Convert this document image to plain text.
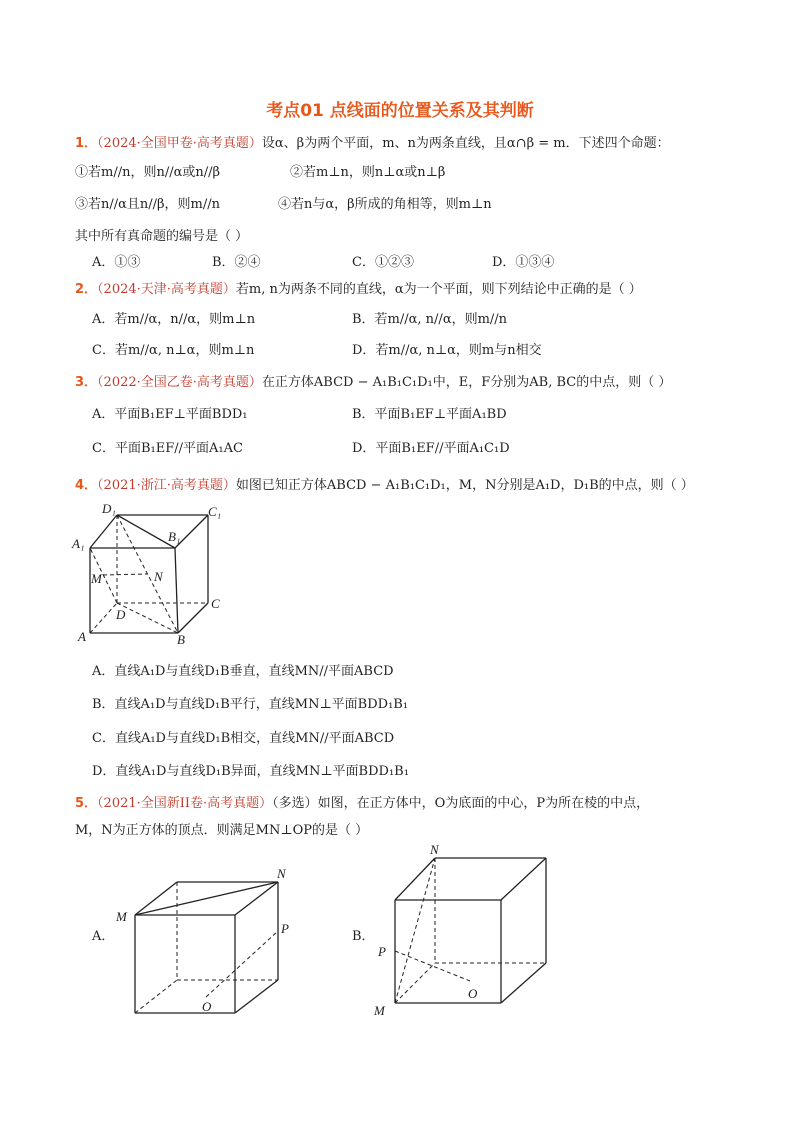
考点01 点线面的位置关系及其判断
1．（2024·全国甲卷·高考真题）设α、β为两个平面，m、n为两条直线，且α∩β = m．下述四个命题：
①若m//n，则n//α或n//β	②若m⊥n，则n⊥α或n⊥β
③若n//α且n//β，则m//n	④若n与α，β所成的角相等，则m⊥n
其中所有真命题的编号是（ ）
A．①③	B．②④	C．①②③	D．①③④
2．（2024·天津·高考真题）若m, n为两条不同的直线，α为一个平面，则下列结论中正确的是（ ）
A．若m//α，n//α，则m⊥n	B．若m//α, n//α，则m//n
C．若m//α, n⊥α，则m⊥n	D．若m//α, n⊥α，则m与n相交
3．（2022·全国乙卷·高考真题）在正方体ABCD − A₁B₁C₁D₁中，E，F分别为AB, BC的中点，则（ ）
A．平面B₁EF⊥平面BDD₁	B．平面B₁EF⊥平面A₁BD
C．平面B₁EF//平面A₁AC	D．平面B₁EF//平面A₁C₁D
4．（2021·浙江·高考真题）如图已知正方体ABCD − A₁B₁C₁D₁，M，N分别是A₁D，D₁B的中点，则（ ）
D₁	C₁
A₁	B₁
M	N
D
C
A	B
A．直线A₁D与直线D₁B垂直，直线MN//平面ABCD
B．直线A₁D与直线D₁B平行，直线MN⊥平面BDD₁B₁
C．直线A₁D与直线D₁B相交，直线MN//平面ABCD
D．直线A₁D与直线D₁B异面，直线MN⊥平面BDD₁B₁
5．（2021·全国新II卷·高考真题）（多选）如图，在正方体中，O为底面的中心，P为所在棱的中点，
M，N为正方体的顶点．则满足MN⊥OP的是（ ）
A．
M
N
P
O
B．
N
P
O
M
